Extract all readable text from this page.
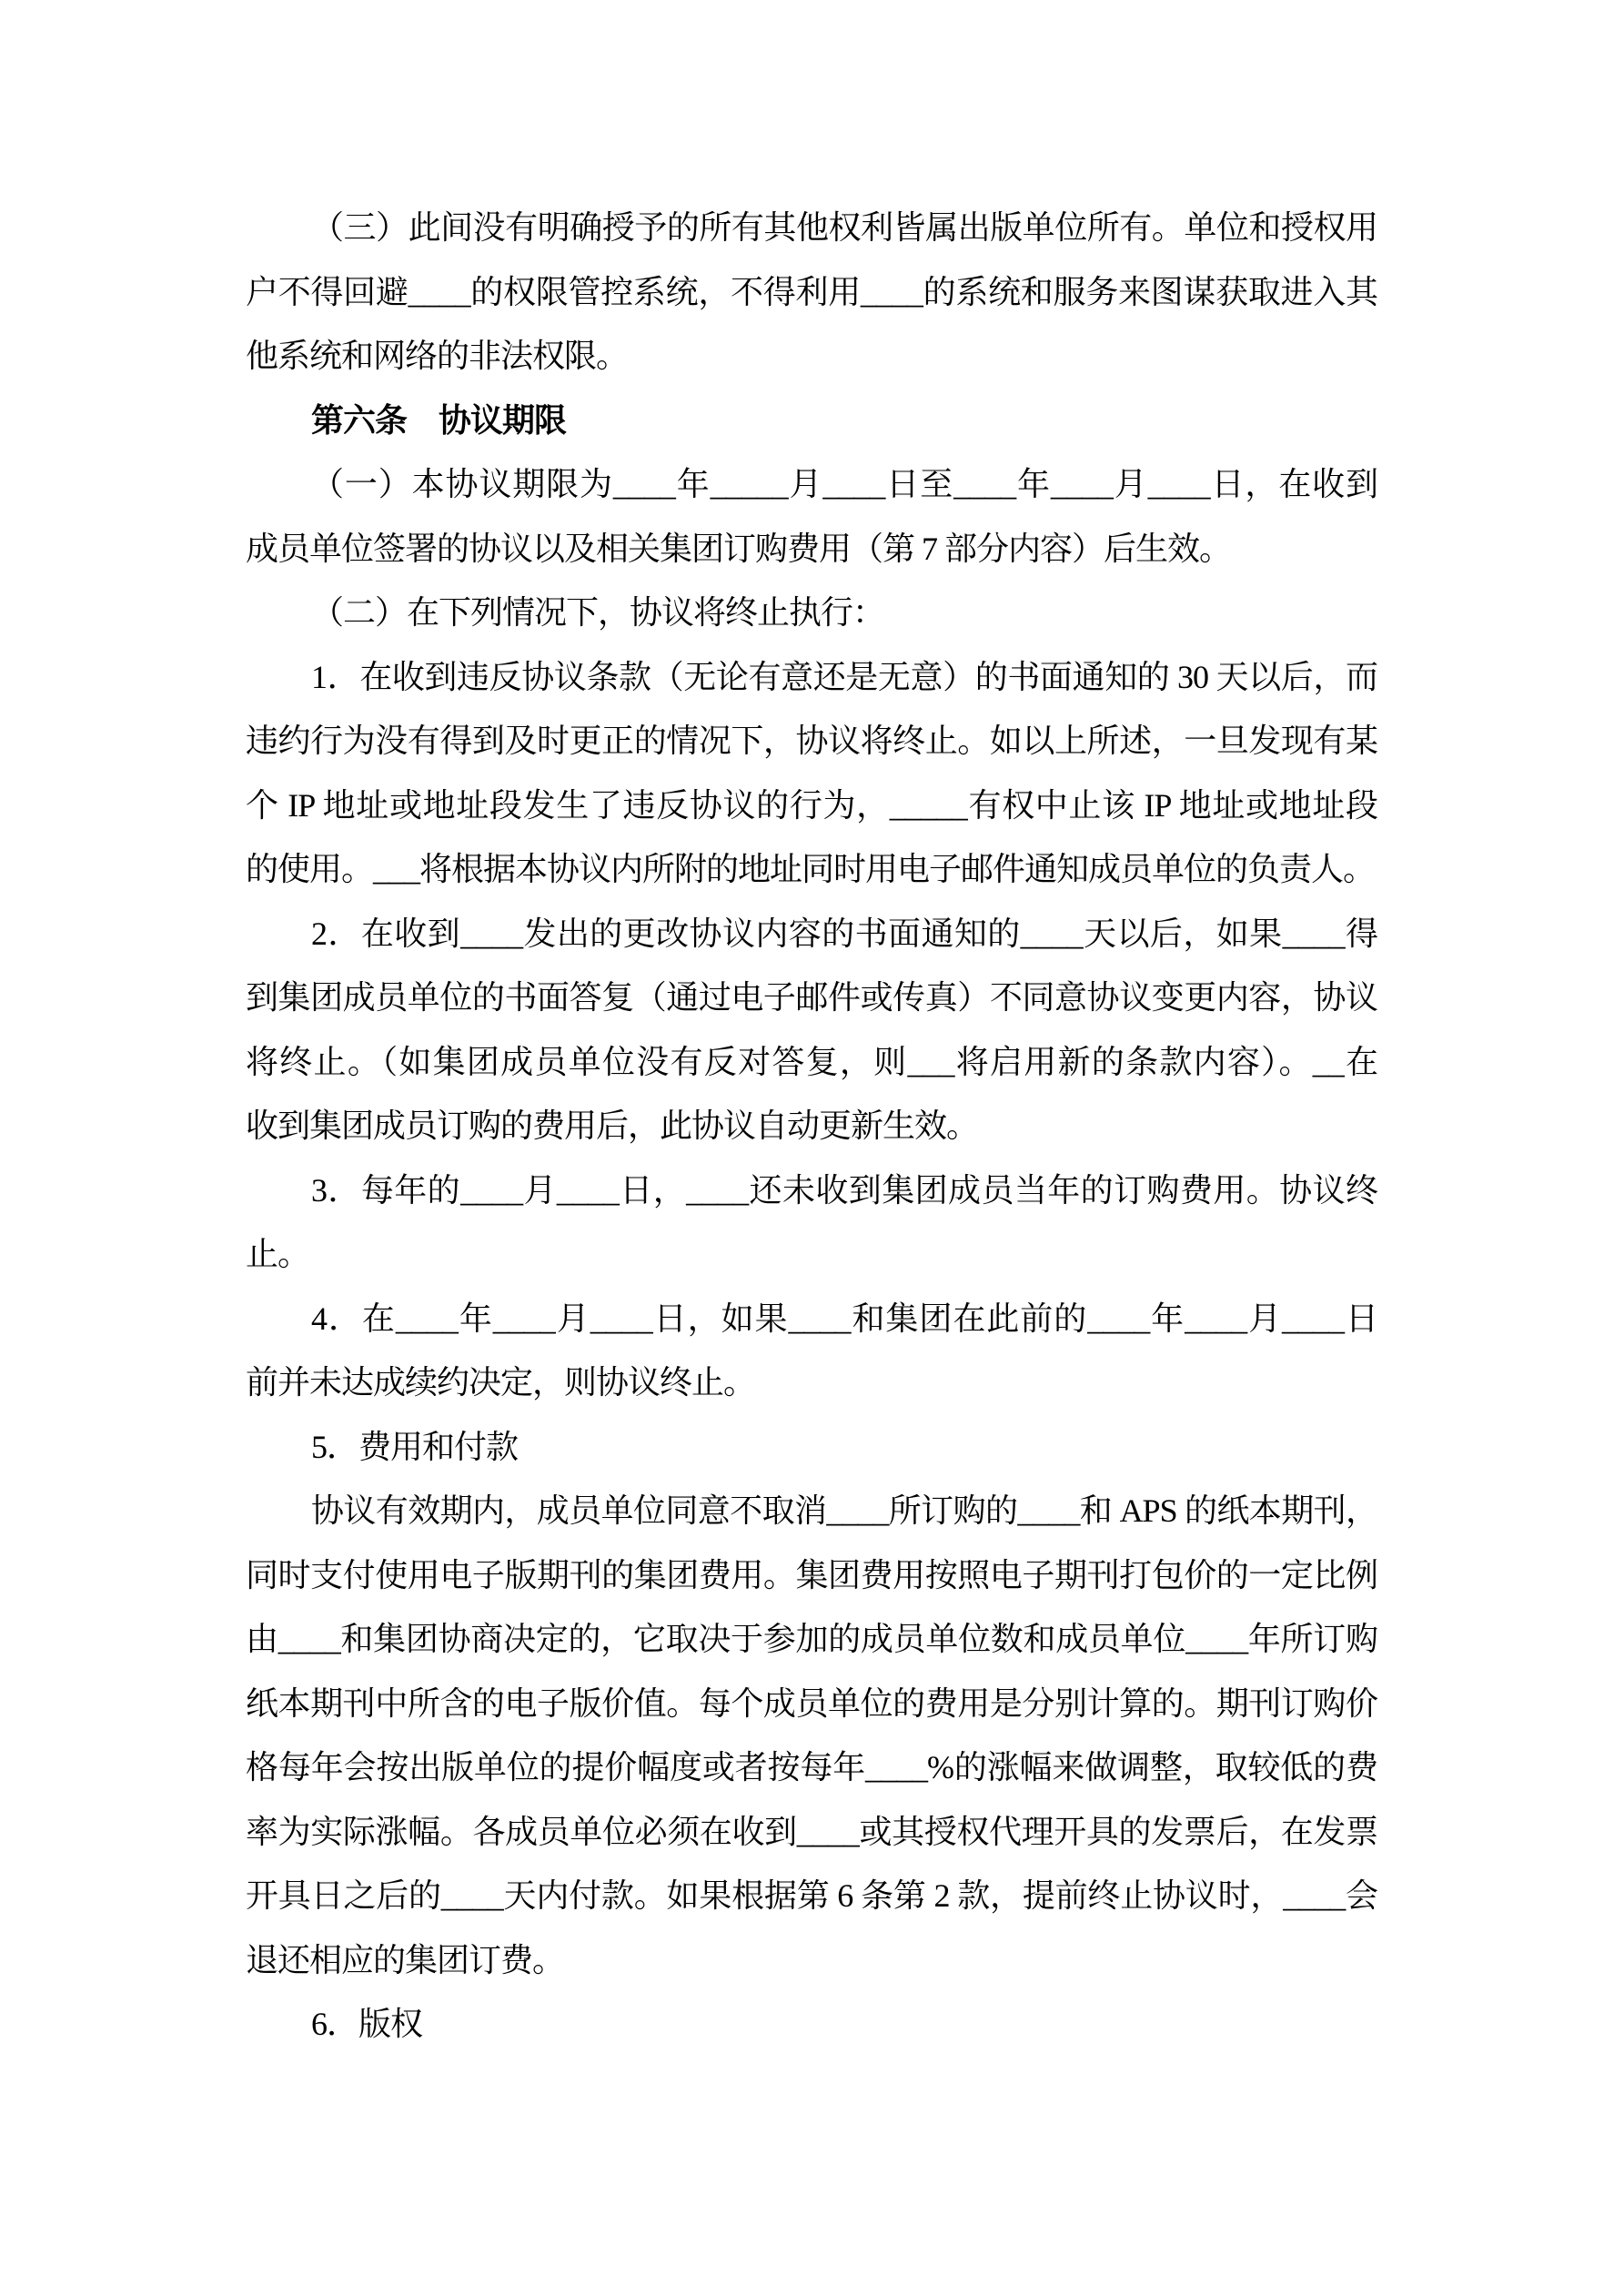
（三）此间没有明确授予的所有其他权利皆属出版单位所有。单位和授权用
户不得回避____的权限管控系统，不得利用____的系统和服务来图谋获取进入其
他系统和网络的非法权限。
第六条　协议期限
（一）本协议期限为____年_____月____日至____年____月____日，在收到
成员单位签署的协议以及相关集团订购费用（第 7 部分内容）后生效。
（二）在下列情况下，协议将终止执行：
1．在收到违反协议条款（无论有意还是无意）的书面通知的 30 天以后，而
违约行为没有得到及时更正的情况下，协议将终止。如以上所述，一旦发现有某
个 IP 地址或地址段发生了违反协议的行为，_____有权中止该 IP 地址或地址段
的使用。___将根据本协议内所附的地址同时用电子邮件通知成员单位的负责人。
2．在收到____发出的更改协议内容的书面通知的____天以后，如果____得
到集团成员单位的书面答复（通过电子邮件或传真）不同意协议变更内容，协议
将终止。（如集团成员单位没有反对答复，则___将启用新的条款内容）。__在
收到集团成员订购的费用后，此协议自动更新生效。
3．每年的____月____日，____还未收到集团成员当年的订购费用。协议终
止。
4．在____年____月____日，如果____和集团在此前的____年____月____日
前并未达成续约决定，则协议终止。
5．费用和付款
协议有效期内，成员单位同意不取消____所订购的____和 APS 的纸本期刊，
同时支付使用电子版期刊的集团费用。集团费用按照电子期刊打包价的一定比例
由____和集团协商决定的，它取决于参加的成员单位数和成员单位____年所订购
纸本期刊中所含的电子版价值。每个成员单位的费用是分别计算的。期刊订购价
格每年会按出版单位的提价幅度或者按每年____%的涨幅来做调整，取较低的费
率为实际涨幅。各成员单位必须在收到____或其授权代理开具的发票后，在发票
开具日之后的____天内付款。如果根据第 6 条第 2 款，提前终止协议时，____会
退还相应的集团订费。
6．版权
